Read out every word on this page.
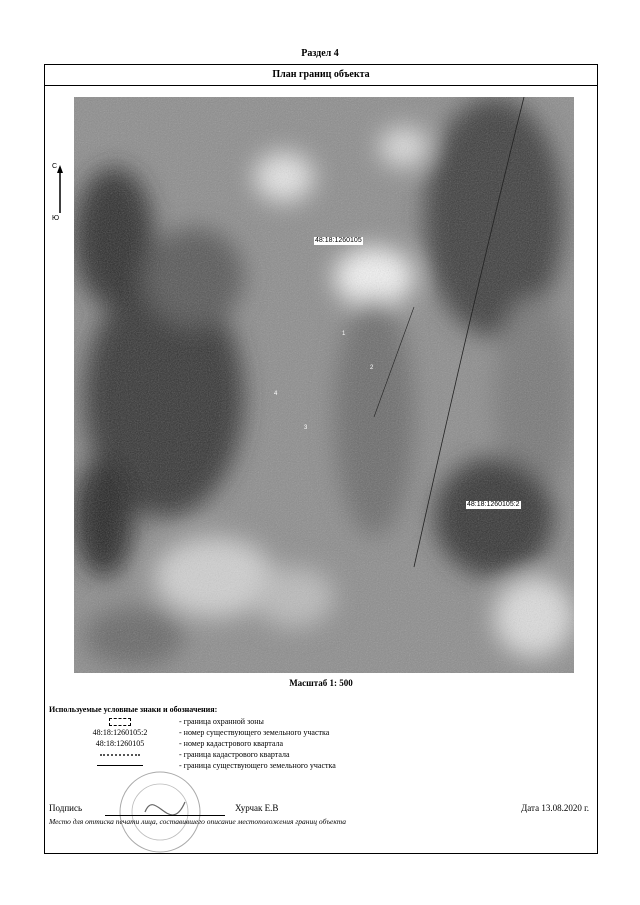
Раздел 4
План границ объекта
С
Ю
48:18:1260105
48:18:1260105:2
1
2
3
4
Масштаб 1: 500
Используемые условные знаки и обозначения:
- граница охранной зоны
48:18:1260105:2	- номер существующего земельного участка
48:18:1260105	- номер кадастрового квартала
- граница кадастрового квартала
- граница существующего земельного участка
Подпись	Хурчак Е.В	Дата 13.08.2020 г.
Место для оттиска печати лица, составившего описание местоположения границ объекта
